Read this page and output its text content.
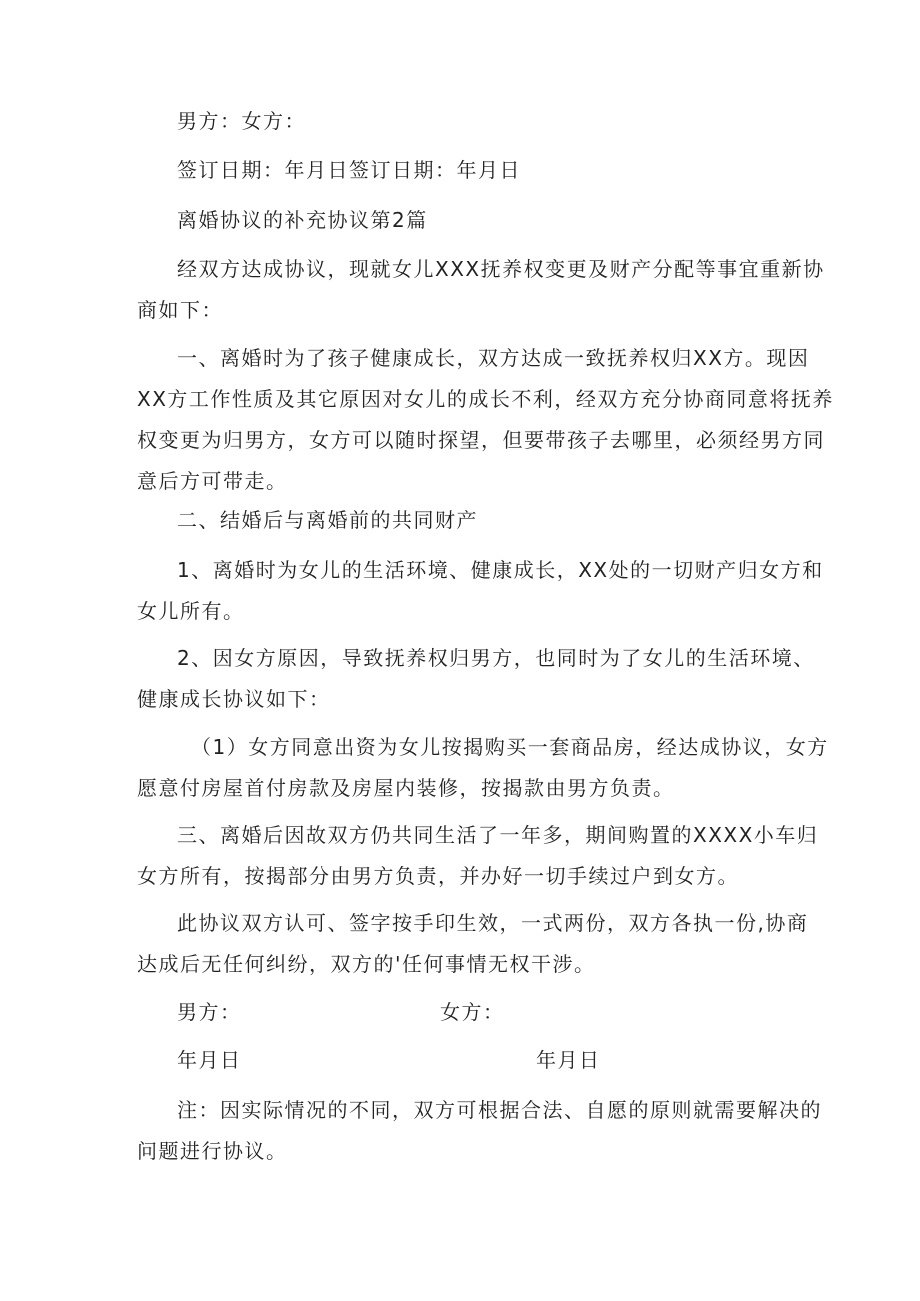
男方：女方：

签订日期：年月日签订日期：年月日

离婚协议的补充协议第2篇

经双方达成协议，现就女儿XXX抚养权变更及财产分配等事宜重新协
商如下：

一、离婚时为了孩子健康成长，双方达成一致抚养权归XX方。现因
XX方工作性质及其它原因对女儿的成长不利，经双方充分协商同意将抚养
权变更为归男方，女方可以随时探望，但要带孩子去哪里，必须经男方同
意后方可带走。

二、结婚后与离婚前的共同财产

1、离婚时为女儿的生活环境、健康成长，XX处的一切财产归女方和
女儿所有。

2、因女方原因，导致抚养权归男方，也同时为了女儿的生活环境、
健康成长协议如下：

（1）女方同意出资为女儿按揭购买一套商品房，经达成协议，女方
愿意付房屋首付房款及房屋内装修，按揭款由男方负责。

三、离婚后因故双方仍共同生活了一年多，期间购置的XXXX小车归
女方所有，按揭部分由男方负责，并办好一切手续过户到女方。

此协议双方认可、签字按手印生效，一式两份，双方各执一份,协商
达成后无任何纠纷，双方的'任何事情无权干涉。

男方：	女方：
年月日	年月日

注：因实际情况的不同，双方可根据合法、自愿的原则就需要解决的
问题进行协议。
